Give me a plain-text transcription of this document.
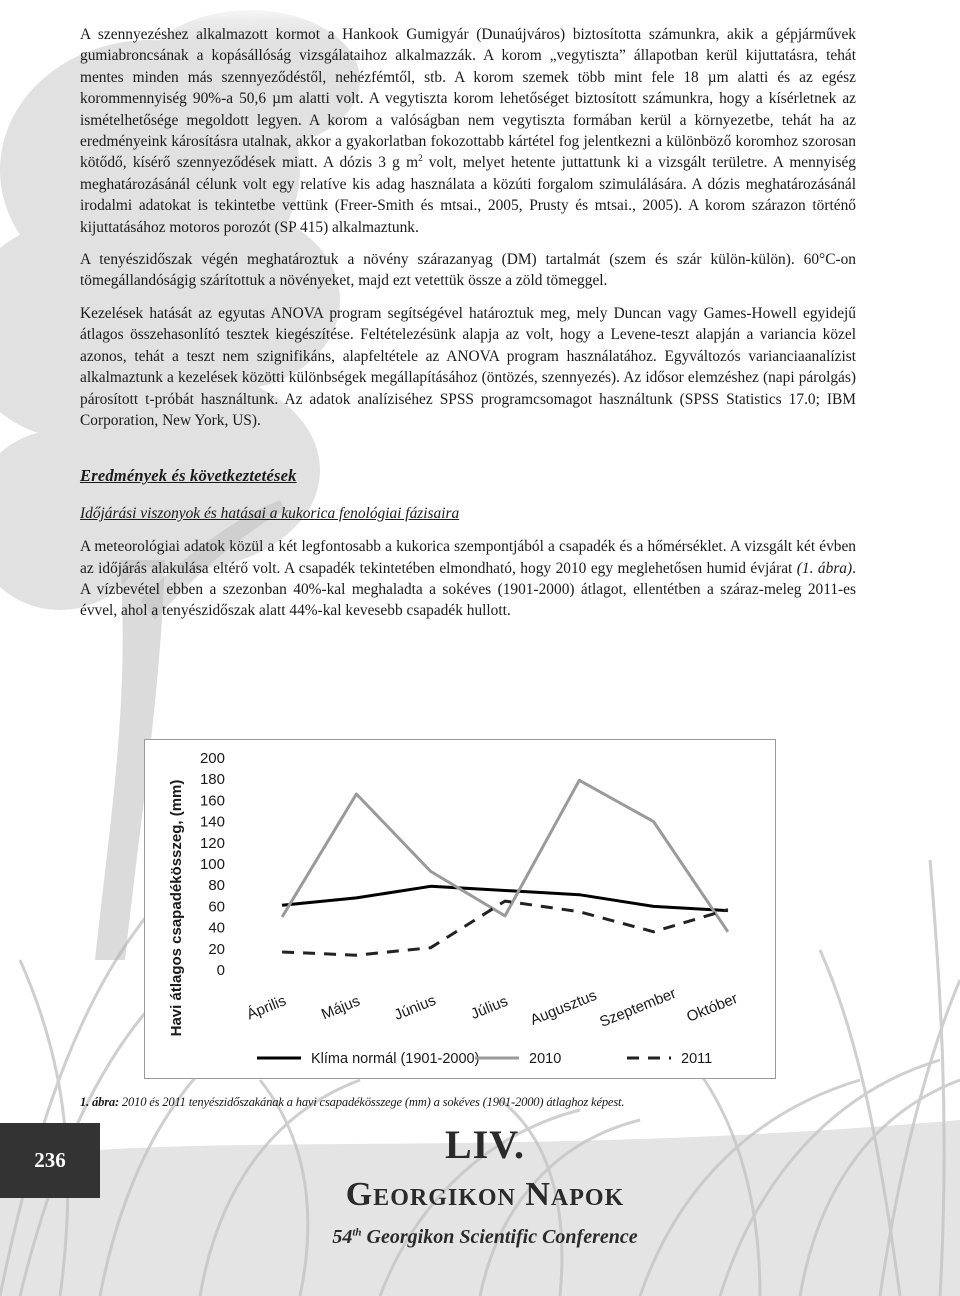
A szennyezéshez alkalmazott kormot a Hankook Gumigyár (Dunaújváros) biztosította számunkra, akik a gépjárművek gumiabroncsának a kopásállóság vizsgálataihoz alkalmazzák. A korom „vegytiszta” állapotban kerül kijuttatásra, tehát mentes minden más szennyeződéstől, nehézfémtől, stb. A korom szemek több mint fele 18 µm alatti és az egész korommennyiség 90%-a 50,6 µm alatti volt. A vegytiszta korom lehetőséget biztosított számunkra, hogy a kísérletnek az ismételhetősége megoldott legyen. A korom a valóságban nem vegytiszta formában kerül a környezetbe, tehát ha az eredményeink károsításra utalnak, akkor a gyakorlatban fokozottabb kártétel fog jelentkezni a különböző koromhoz szorosan kötődő, kísérő szennyeződések miatt. A dózis 3 g $m^2$ volt, melyet hetente juttattunk ki a vizsgált területre. A mennyiség meghatározásánál célunk volt egy relatíve kis adag használata a közúti forgalom szimulálására. A dózis meghatározásánál irodalmi adatokat is tekintetbe vettünk (Freer-Smith és mtsai., 2005, Prusty és mtsai., 2005). A korom szárazon történő kijuttatásához motoros porozót (SP 415) alkalmaztunk.

A tenyészidőszak végén meghatároztuk a növény szárazanyag (DM) tartalmát (szem és szár külön-külön). 60°C-on tömegállandóságig szárítottuk a növényeket, majd ezt vetettük össze a zöld tömeggel.

Kezelések hatását az egyutas ANOVA program segítségével határoztuk meg, mely Duncan vagy Games-Howell egyidejű átlagos összehasonlító tesztek kiegészítése. Feltételezésünk alapja az volt, hogy a Levene-teszt alapján a variancia közel azonos, tehát a teszt nem szignifikáns, alapfeltétele az ANOVA program használatához. Egyváltozós varianciaanalízist alkalmaztunk a kezelések közötti különbségek megállapításához (öntözés, szennyezés). Az idősor elemzéshez (napi párolgás) párosított t-próbát használtunk. Az adatok analíziséhez SPSS programcsomagot használtunk (SPSS Statistics 17.0; IBM Corporation, New York, US).

Eredmények és következtetések
Időjárási viszonyok és hatásai a kukorica fenológiai fázisaira

A meteorológiai adatok közül a két legfontosabb a kukorica szempontjából a csapadék és a hőmérséklet. A vizsgált két évben az időjárás alakulása eltérő volt. A csapadék tekintetében elmondható, hogy 2010 egy meglehetősen humid évjárat (1. ábra). A vízbevétel ebben a szezonban 40%-kal meghaladta a sokéves (1901-2000) átlagot, ellentétben a száraz-meleg 2011-es évvel, ahol a tenyészidőszak alatt 44%-kal kevesebb csapadék hullott.

Havi átlagos csapadékösszeg, (mm) 0
20
40
60
80
100
120
140
160
180
200
Április Május Június Július Augusztus
Szeptember Október
Klíma normál (1901-2000)	2010	2011
1. ábra: 2010 és 2011 tenyészidőszakának a havi csapadékösszege (mm) a sokéves (1901-2000) átlaghoz képest.
236	LIV.
Georgikon Napok
54th Georgikon Scientific Conference
